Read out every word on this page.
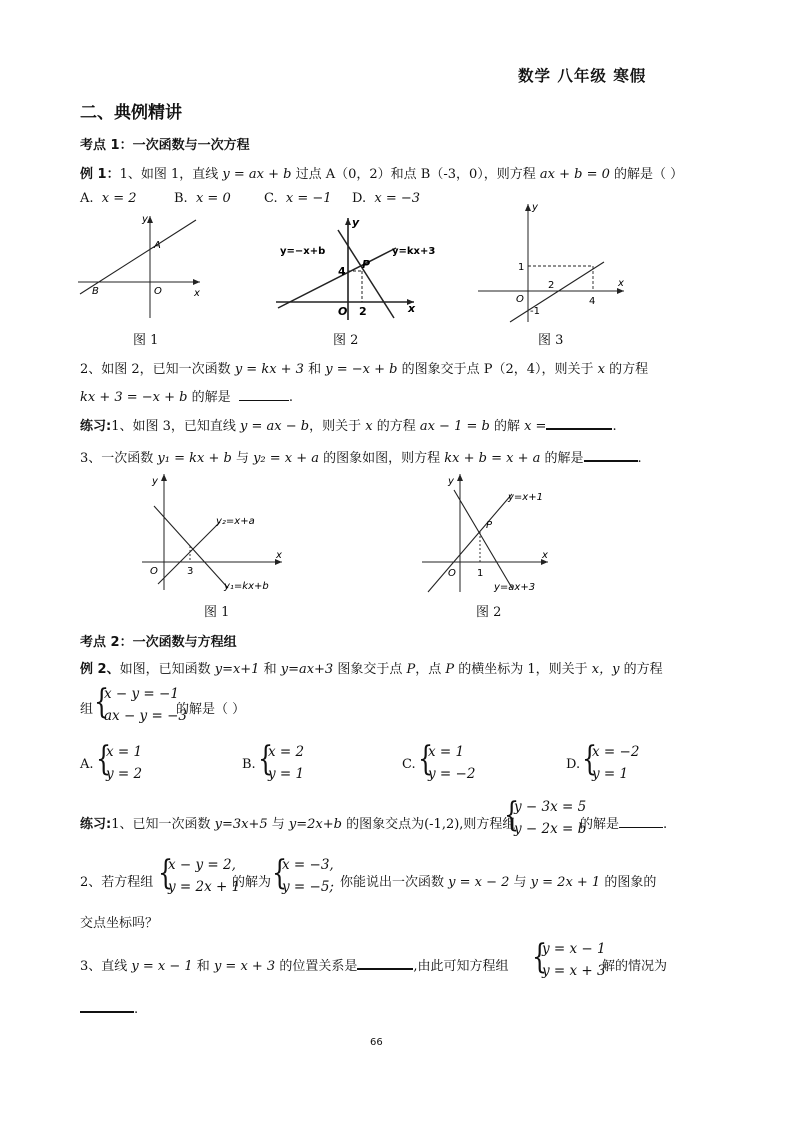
数学 八年级 寒假
二、典例精讲
考点 1：一次函数与一次方程
例 1：1、如图 1，直线 y = ax + b 过点 A（0，2）和点 B（-3，0），则方程 ax + b = 0 的解是（ ）
A. x = 2	B. x = 0	C. x = −1 D. x = −3
y
x
A
B	O
图 1
y
x
y=−x+b	y=kx+3
P
4
2
O
图 2
y
x
1
2
4
-1
O
图 3
2、如图 2，已知一次函数 y = kx + 3 和 y = −x + b 的图象交于点 P（2，4），则关于 x 的方程
kx + 3 = −x + b 的解是	.
练习:1、如图 3，已知直线 y = ax − b，则关于 x 的方程 ax − 1 = b 的解 x =	.
3、一次函数 y₁ = kx + b 与 y₂ = x + a 的图象如图，则方程 kx + b = x + a 的解是	.
y
x
y₂=x+a
y₁=kx+b
3
O
图 1
y
x
y=x+1
y=ax+3
P
1
O
图 2
考点 2：一次函数与方程组
例 2、如图，已知函数 y=x+1 和 y=ax+3 图象交于点 P，点 P 的横坐标为 1，则关于 x，y 的方程
组 {
x − y = −1
ax − y = −3
的解是（ ）
A. {
x = 1
y = 2
B. {
x = 2
y = 1
C. {
x = 1
y = −2
D. {
x = −2
y = 1
练习:1、已知一次函数 y=3x+5 与 y=2x+b 的图象交点为(-1,2),则方程组
{
y − 3x = 5
y − 2x = b
的解是	.
2、若方程组 {
x − y = 2,
y = 2x + 1
的解为 {
x = −3,
y = −5; 你能说出一次函数 y = x − 2 与 y = 2x + 1 的图象的
交点坐标吗？
3、直线 y = x − 1 和 y = x + 3 的位置关系是	,由此可知方程组 {
y = x − 1
y = x + 3
解的情况为
.
66
